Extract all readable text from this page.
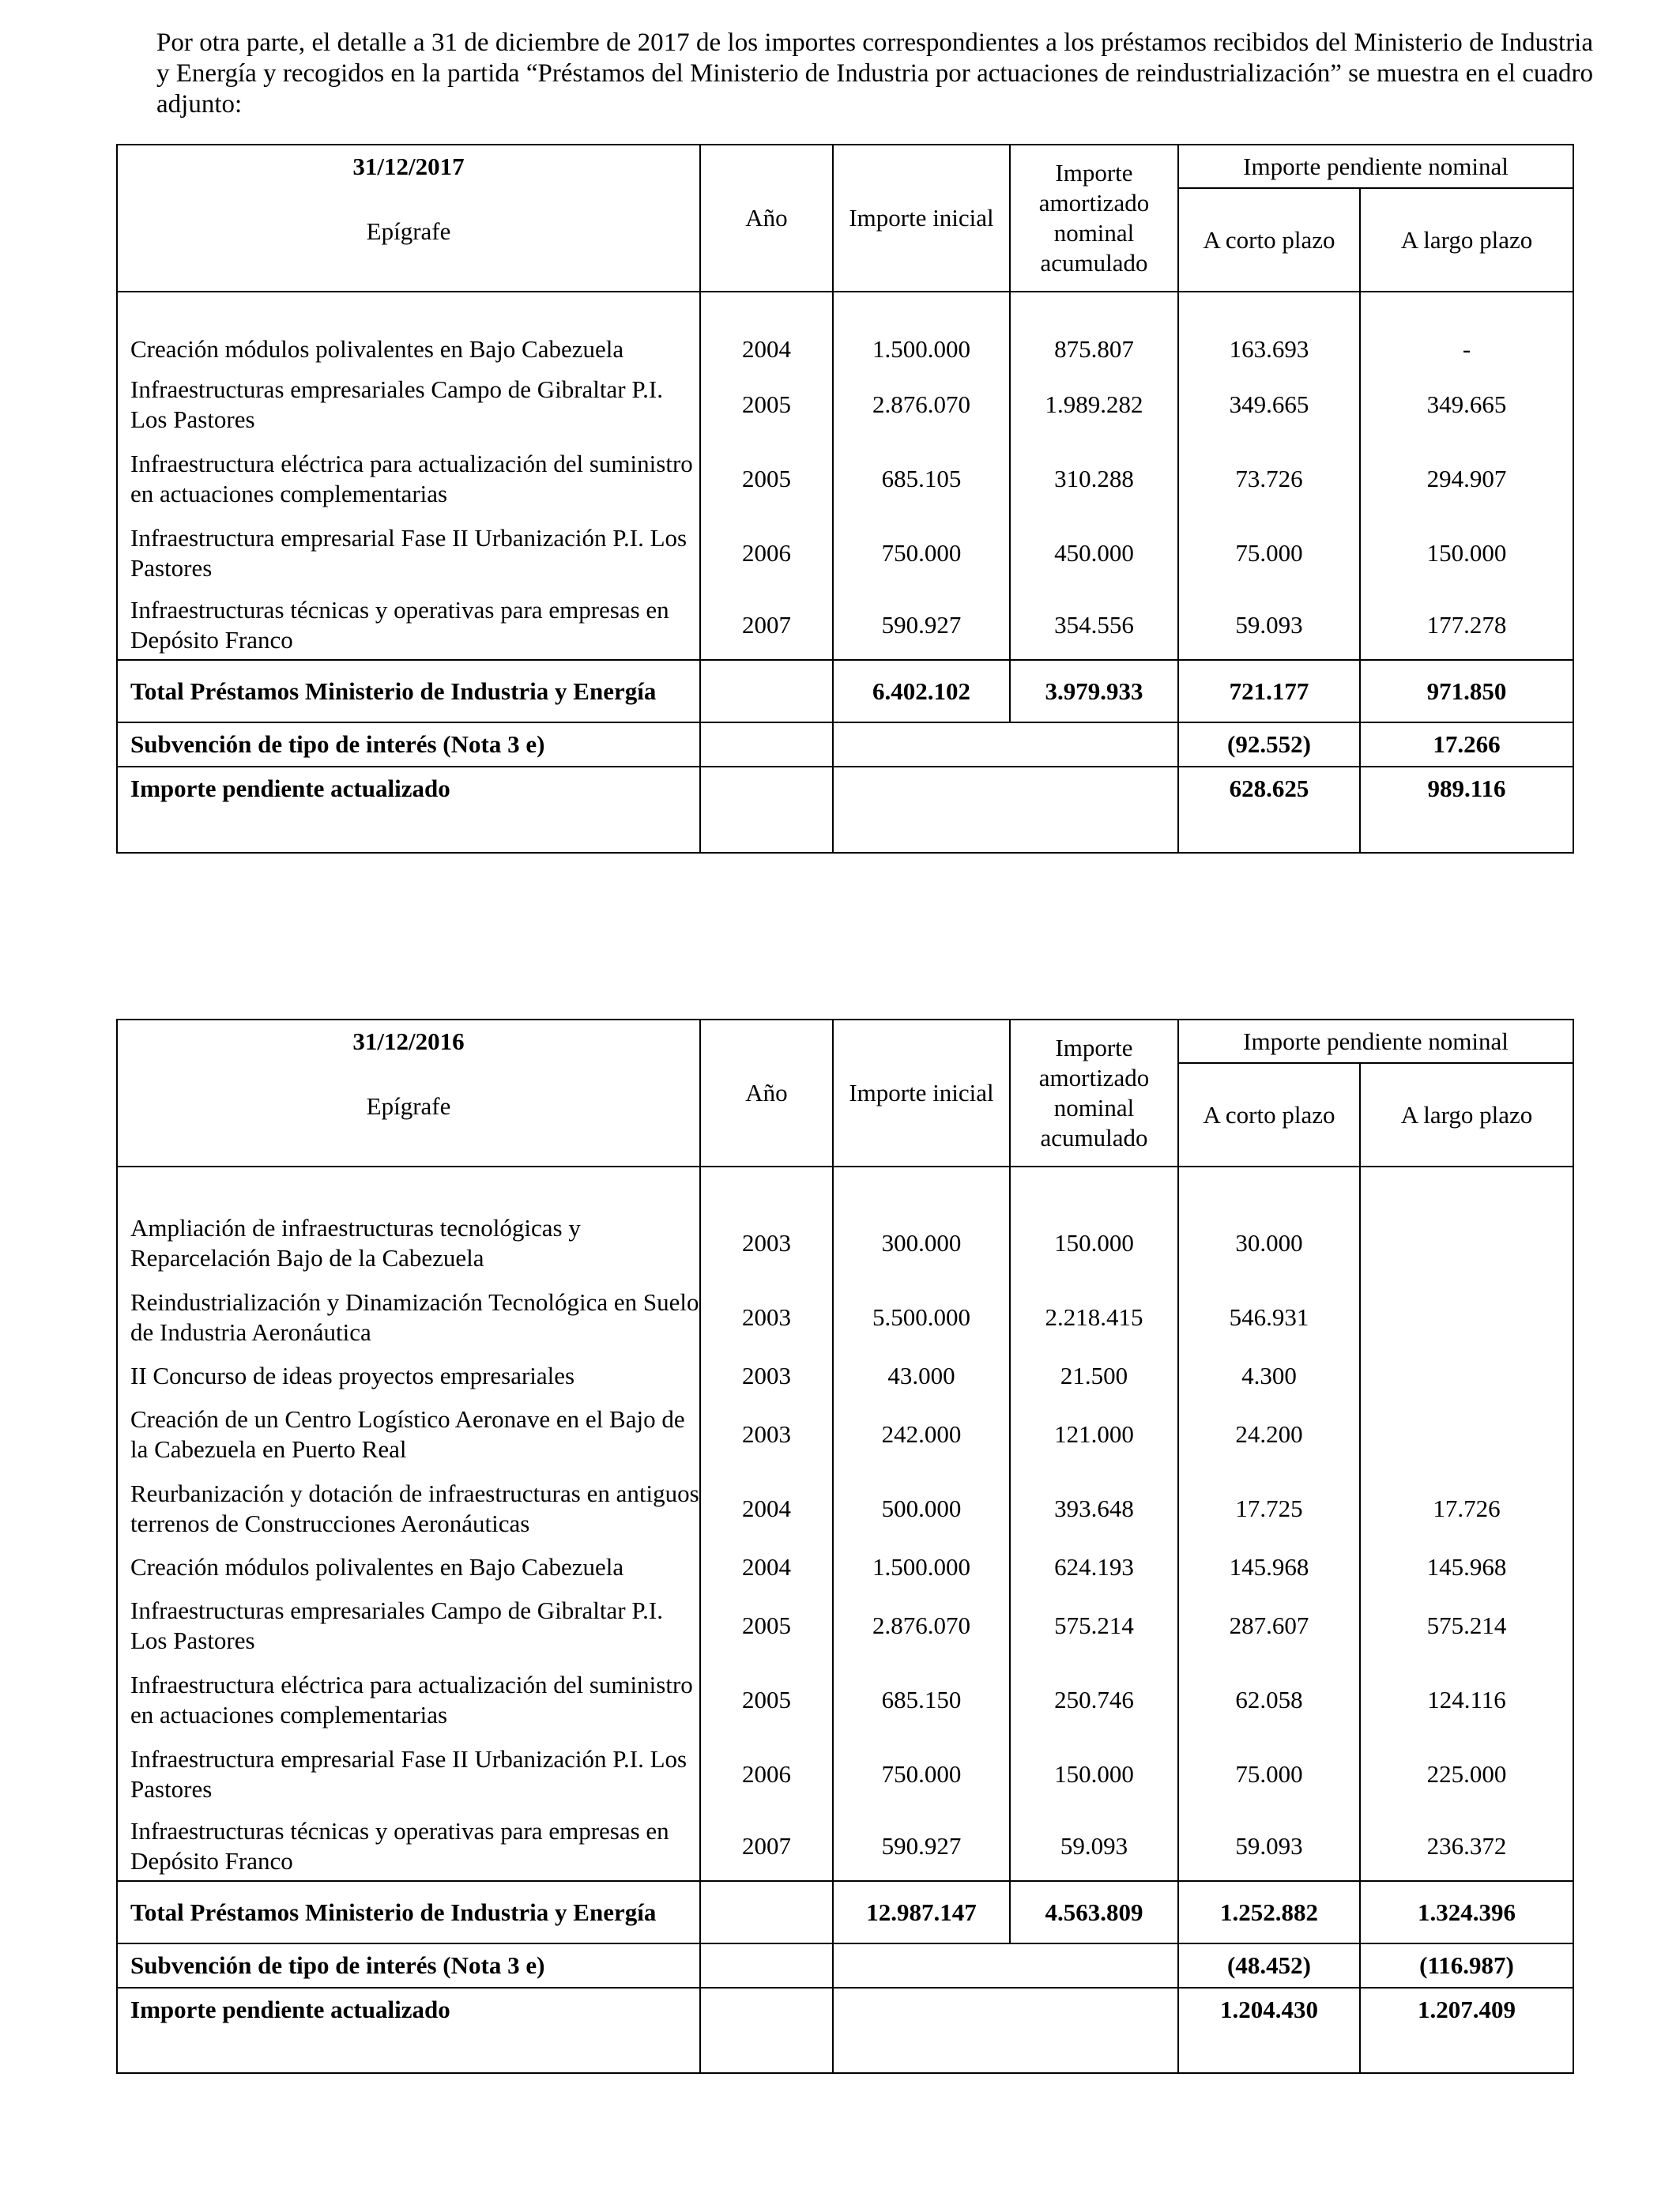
Por otra parte, el detalle a 31 de diciembre de 2017 de los importes correspondientes a los préstamos recibidos del Ministerio de Industria y Energía y recogidos en la partida “Préstamos del Ministerio de Industria por actuaciones de reindustrialización” se muestra en el cuadro adjunto:

31/12/2017
Epígrafe	Año	Importe inicial	Importe amortizado nominal acumulado	Importe pendiente nominal	
				A corto plazo	A largo plazo

Creación módulos polivalentes en Bajo Cabezuela	2004	1.500.000	875.807	163.693	-
Infraestructuras empresariales Campo de Gibraltar P.I. Los Pastores	2005	2.876.070	1.989.282	349.665	349.665
Infraestructura eléctrica para actualización del suministro en actuaciones complementarias	2005	685.105	310.288	73.726	294.907
Infraestructura empresarial Fase II Urbanización P.I. Los Pastores	2006	750.000	450.000	75.000	150.000
Infraestructuras técnicas y operativas para empresas en Depósito Franco	2007	590.927	354.556	59.093	177.278
Total Préstamos Ministerio de Industria y Energía		6.402.102	3.979.933	721.177	971.850
Subvención de tipo de interés (Nota 3 e)				(92.552)	17.266
Importe pendiente actualizado				628.625	989.116
31/12/2016
Epígrafe	Año	Importe inicial	Importe amortizado nominal acumulado	Importe pendiente nominal	
				A corto plazo	A largo plazo

Ampliación de infraestructuras tecnológicas y Reparcelación Bajo de la Cabezuela	2003	300.000	150.000	30.000	
Reindustrialización y Dinamización Tecnológica en Suelo de Industria Aeronáutica	2003	5.500.000	2.218.415	546.931	
II Concurso de ideas proyectos empresariales	2003	43.000	21.500	4.300	
Creación de un Centro Logístico Aeronave en el Bajo de la Cabezuela en Puerto Real	2003	242.000	121.000	24.200	
Reurbanización y dotación de infraestructuras en antiguos terrenos de Construcciones Aeronáuticas	2004	500.000	393.648	17.725	17.726
Creación módulos polivalentes en Bajo Cabezuela	2004	1.500.000	624.193	145.968	145.968
Infraestructuras empresariales Campo de Gibraltar P.I. Los Pastores	2005	2.876.070	575.214	287.607	575.214
Infraestructura eléctrica para actualización del suministro en actuaciones complementarias	2005	685.150	250.746	62.058	124.116
Infraestructura empresarial Fase II Urbanización P.I. Los Pastores	2006	750.000	150.000	75.000	225.000
Infraestructuras técnicas y operativas para empresas en Depósito Franco	2007	590.927	59.093	59.093	236.372
Total Préstamos Ministerio de Industria y Energía		12.987.147	4.563.809	1.252.882	1.324.396
Subvención de tipo de interés (Nota 3 e)				(48.452)	(116.987)
Importe pendiente actualizado				1.204.430	1.207.409
